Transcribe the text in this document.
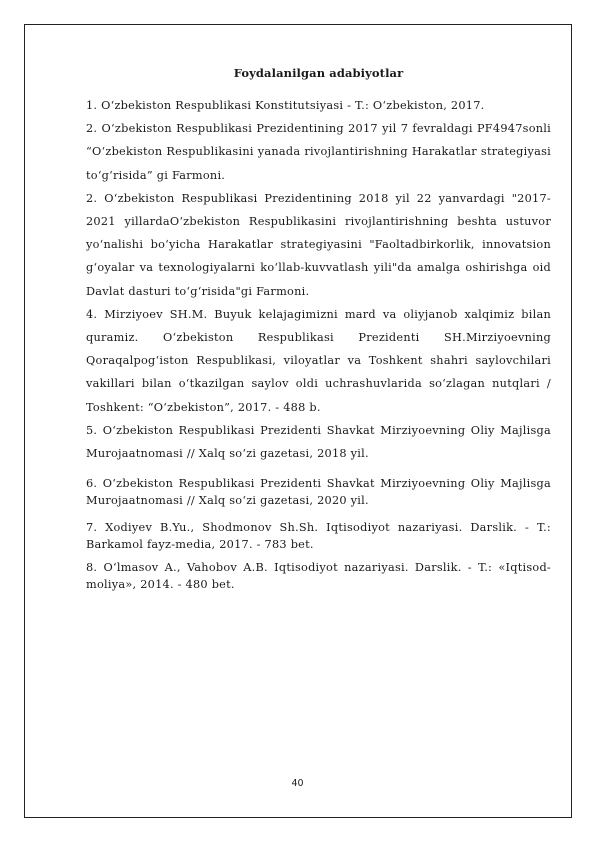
Foydalanilgan adabiyotlar

1. O‘zbekiston Respublikasi Konstitutsiyasi - T.: O‘zbekiston, 2017.

2. O‘zbekiston Respublikasi Prezidentining 2017 yil 7 fevraldagi PF4947sonli “O‘zbekiston Respublikasini yanada rivojlantirishning Harakatlar strategiyasi to‘g‘risida” gi Farmoni.

2. O‘zbekiston Respublikasi Prezidentining 2018 yil 22 yanvardagi "2017- 2021 yillardaO‘zbekiston Respublikasini rivojlantirishning beshta ustuvor yo‘nalishi bo‘yicha Harakatlar strategiyasini "Faoltadbirkorlik, innovatsion g‘oyalar va texnologiyalarni ko‘llab-kuvvatlash yili"da amalga oshirishga oid Davlat dasturi to‘g‘risida"gi Farmoni.

4. Mirziyoev SH.M. Buyuk kelajagimizni mard va oliyjanob xalqimiz bilan quramiz. O‘zbekiston Respublikasi Prezidenti SH.Mirziyoevning Qoraqalpog‘iston Respublikasi, viloyatlar va Toshkent shahri saylovchilari vakillari bilan o‘tkazilgan saylov oldi uchrashuvlarida so‘zlagan nutqlari / Toshkent: “O‘zbekiston”, 2017. - 488 b.

5. O‘zbekiston Respublikasi Prezidenti Shavkat Mirziyoevning Oliy Majlisga Murojaatnomasi // Xalq so‘zi gazetasi, 2018 yil.

6. O‘zbekiston Respublikasi Prezidenti Shavkat Mirziyoevning Oliy Majlisga Murojaatnomasi // Xalq so‘zi gazetasi, 2020 yil.

7. Xodiyev B.Yu., Shodmonov Sh.Sh. Iqtisodiyot nazariyasi. Darslik. - T.: Barkamol fayz-media, 2017. - 783 bet.

8. O‘lmasov A., Vahobov A.B. Iqtisodiyot nazariyasi. Darslik. - T.: «Iqtisod- moliya», 2014. - 480 bet.

40
